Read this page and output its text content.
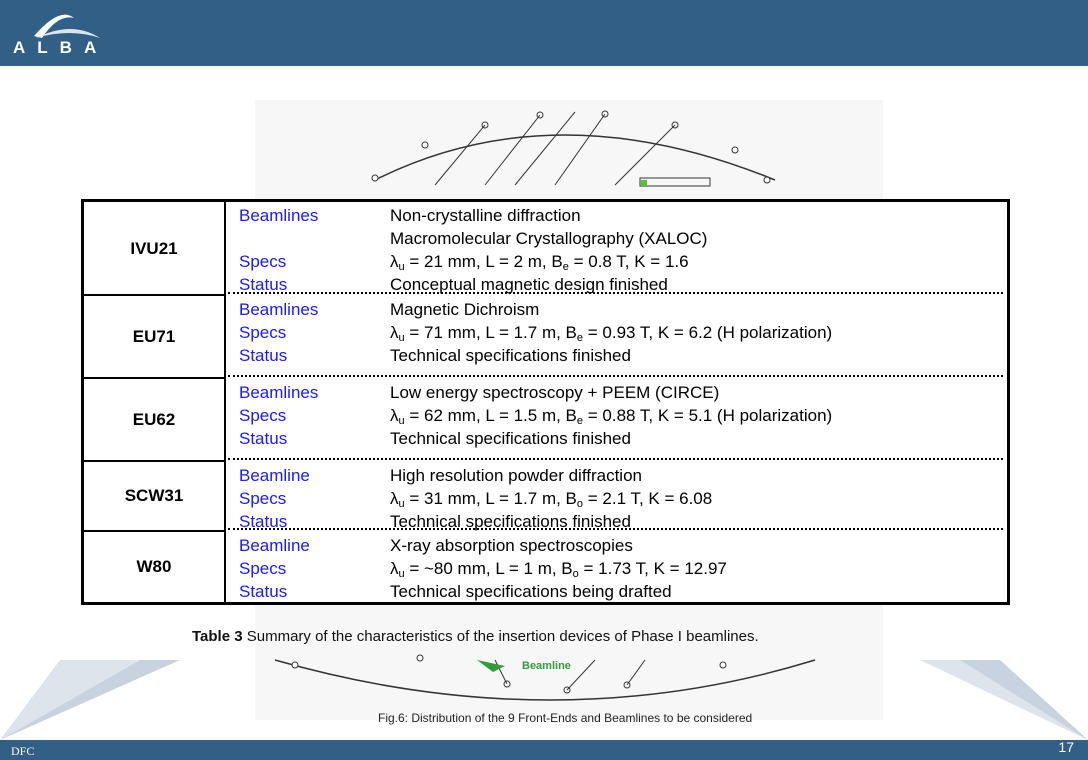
ALBA
Beamline
Fig.6: Distribution of the 9 Front-Ends and Beamlines to be considered
IVU21
Beamlines	Non-crystalline diffraction
Macromolecular Crystallography (XALOC)
Specs	$\lambda_u = 21$ mm, L = 2 m, $B_e = 0.8$ T, K = 1.6
Status	Conceptual magnetic design finished
EU71
Beamlines	Magnetic Dichroism
Specs	$\lambda_u = 71$ mm, L = 1.7 m, $B_e = 0.93$ T, K = 6.2 (H polarization)
Status	Technical specifications finished
EU62
Beamlines	Low energy spectroscopy + PEEM (CIRCE)
Specs	$\lambda_u = 62$ mm, L = 1.5 m, $B_e = 0.88$ T, K = 5.1 (H polarization)
Status	Technical specifications finished
SCW31
Beamline	High resolution powder diffraction
Specs	$\lambda_u = 31$ mm, L = 1.7 m, $B_o = 2.1$ T, K = 6.08
Status	Technical specifications finished
W80
Beamline	X-ray absorption spectroscopies
Specs	$\lambda_u$ = ~80 mm, L = 1 m, $B_o = 1.73$ T, K = 12.97
Status	Technical specifications being drafted
Table 3 Summary of the characteristics of the insertion devices of Phase I beamlines.
DFC	17
